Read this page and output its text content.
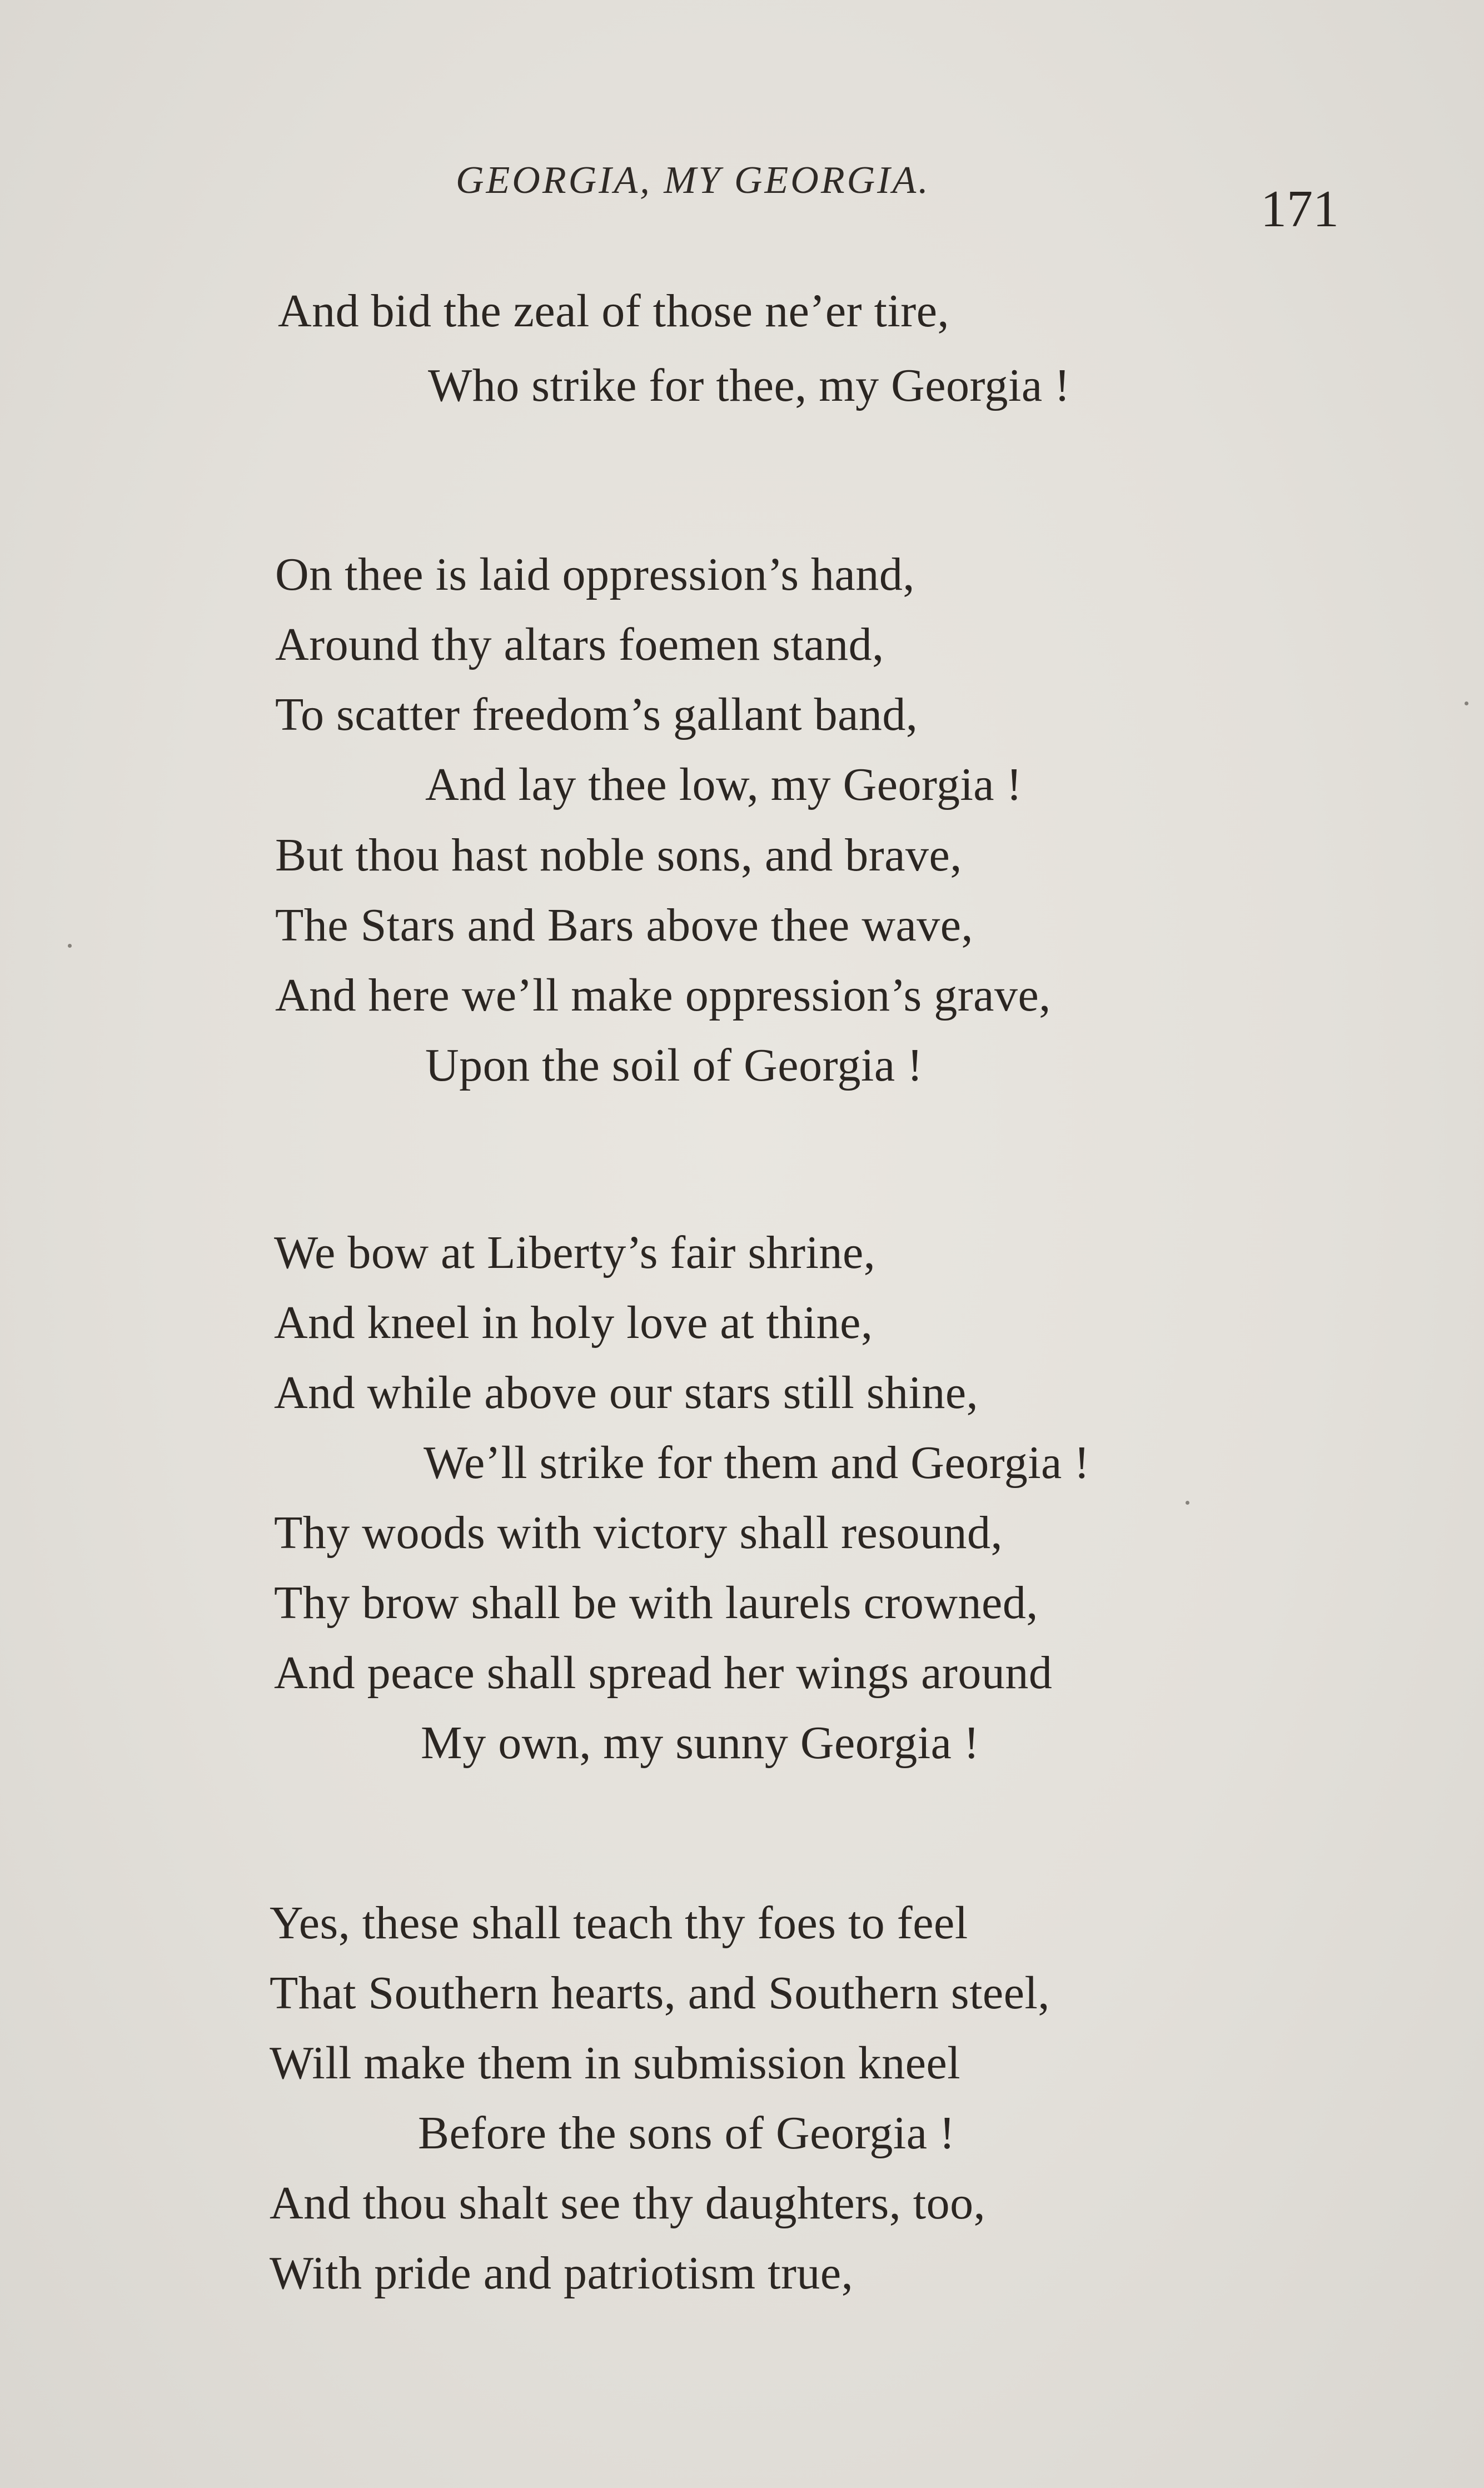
GEORGIA, MY GEORGIA.	171
And bid the zeal of those ne’er tire,
Who strike for thee, my Georgia !
On thee is laid oppression’s hand,
Around thy altars foemen stand,
To scatter freedom’s gallant band,
And lay thee low, my Georgia !
But thou hast noble sons, and brave,
The Stars and Bars above thee wave,
And here we’ll make oppression’s grave,
Upon the soil of Georgia !
We bow at Liberty’s fair shrine,
And kneel in holy love at thine,
And while above our stars still shine,
We’ll strike for them and Georgia !
Thy woods with victory shall resound,
Thy brow shall be with laurels crowned,
And peace shall spread her wings around
My own, my sunny Georgia !
Yes, these shall teach thy foes to feel
That Southern hearts, and Southern steel,
Will make them in submission kneel
Before the sons of Georgia !
And thou shalt see thy daughters, too,
With pride and patriotism true,
